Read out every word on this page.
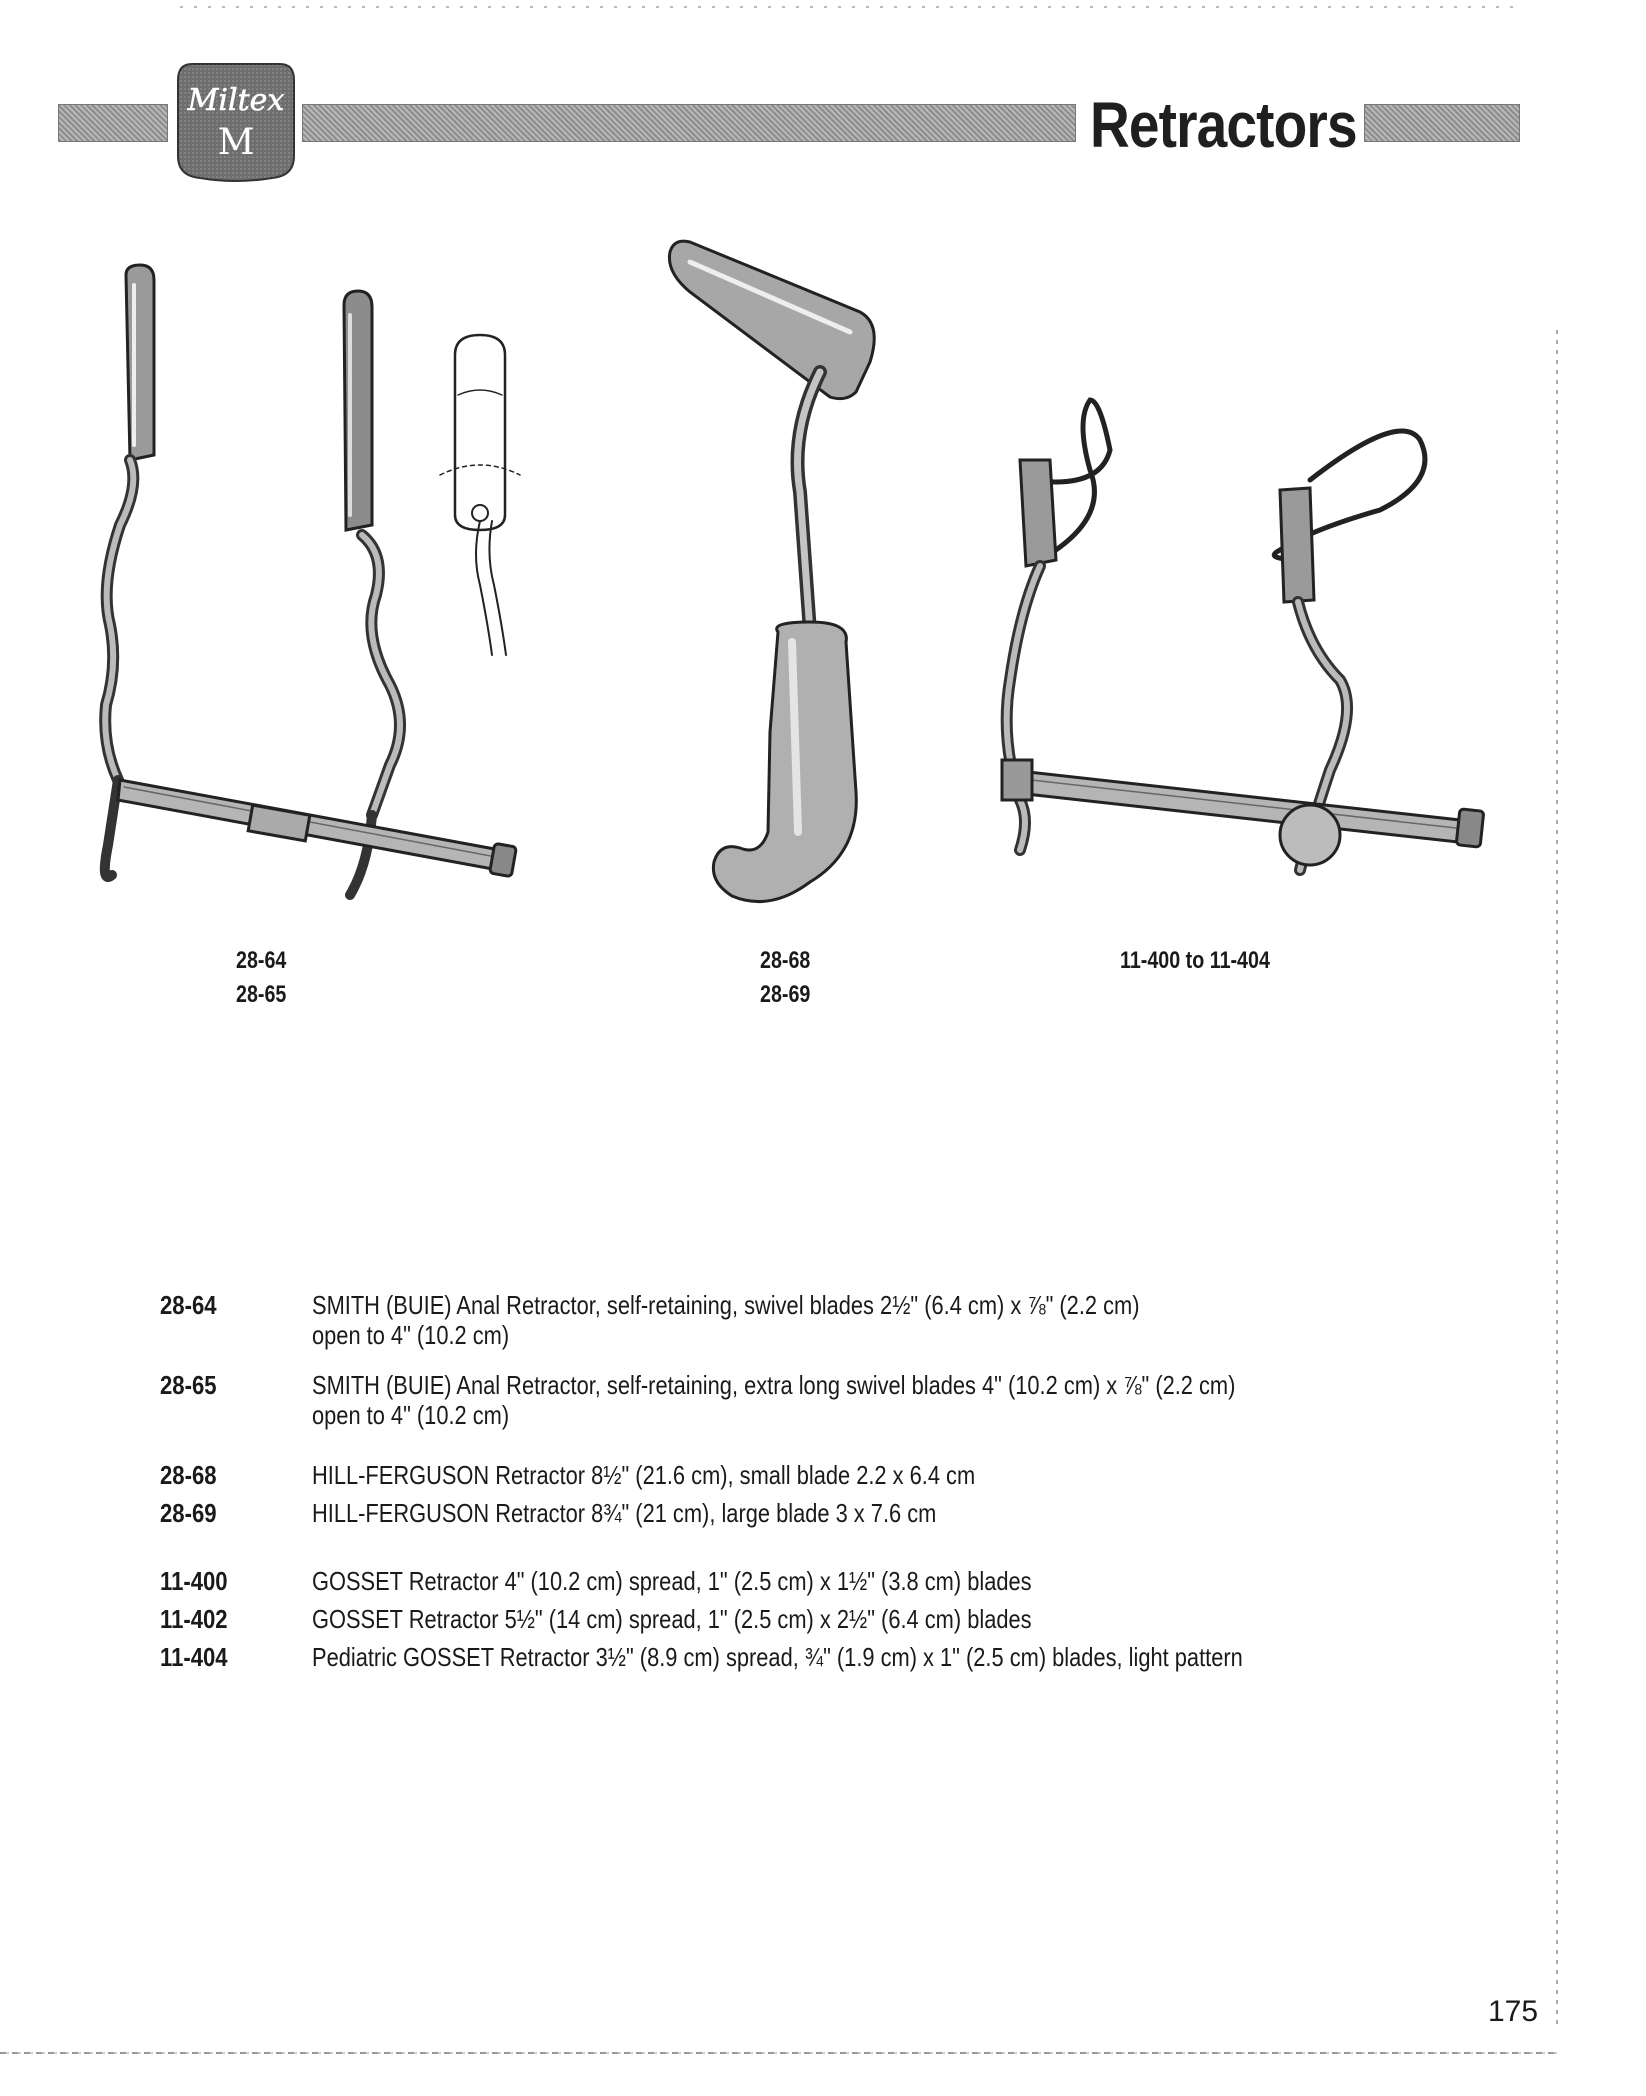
Miltex
M	Retractors
28-64
28-65
28-68
28-69
11-400 to 11-404
28-64	SMITH (BUIE) Anal Retractor, self-retaining, swivel blades 2½" (6.4 cm) x ⅞" (2.2 cm)
open to 4" (10.2 cm)
28-65	SMITH (BUIE) Anal Retractor, self-retaining, extra long swivel blades 4" (10.2 cm) x ⅞" (2.2 cm)
open to 4" (10.2 cm)
28-68	HILL-FERGUSON Retractor 8½" (21.6 cm), small blade 2.2 x 6.4 cm
28-69	HILL-FERGUSON Retractor 8¾" (21 cm), large blade 3 x 7.6 cm
11-400	GOSSET Retractor 4" (10.2 cm) spread, 1" (2.5 cm) x 1½" (3.8 cm) blades
11-402	GOSSET Retractor 5½" (14 cm) spread, 1" (2.5 cm) x 2½" (6.4 cm) blades
11-404	Pediatric GOSSET Retractor 3½" (8.9 cm) spread, ¾" (1.9 cm) x 1" (2.5 cm) blades, light pattern
175
